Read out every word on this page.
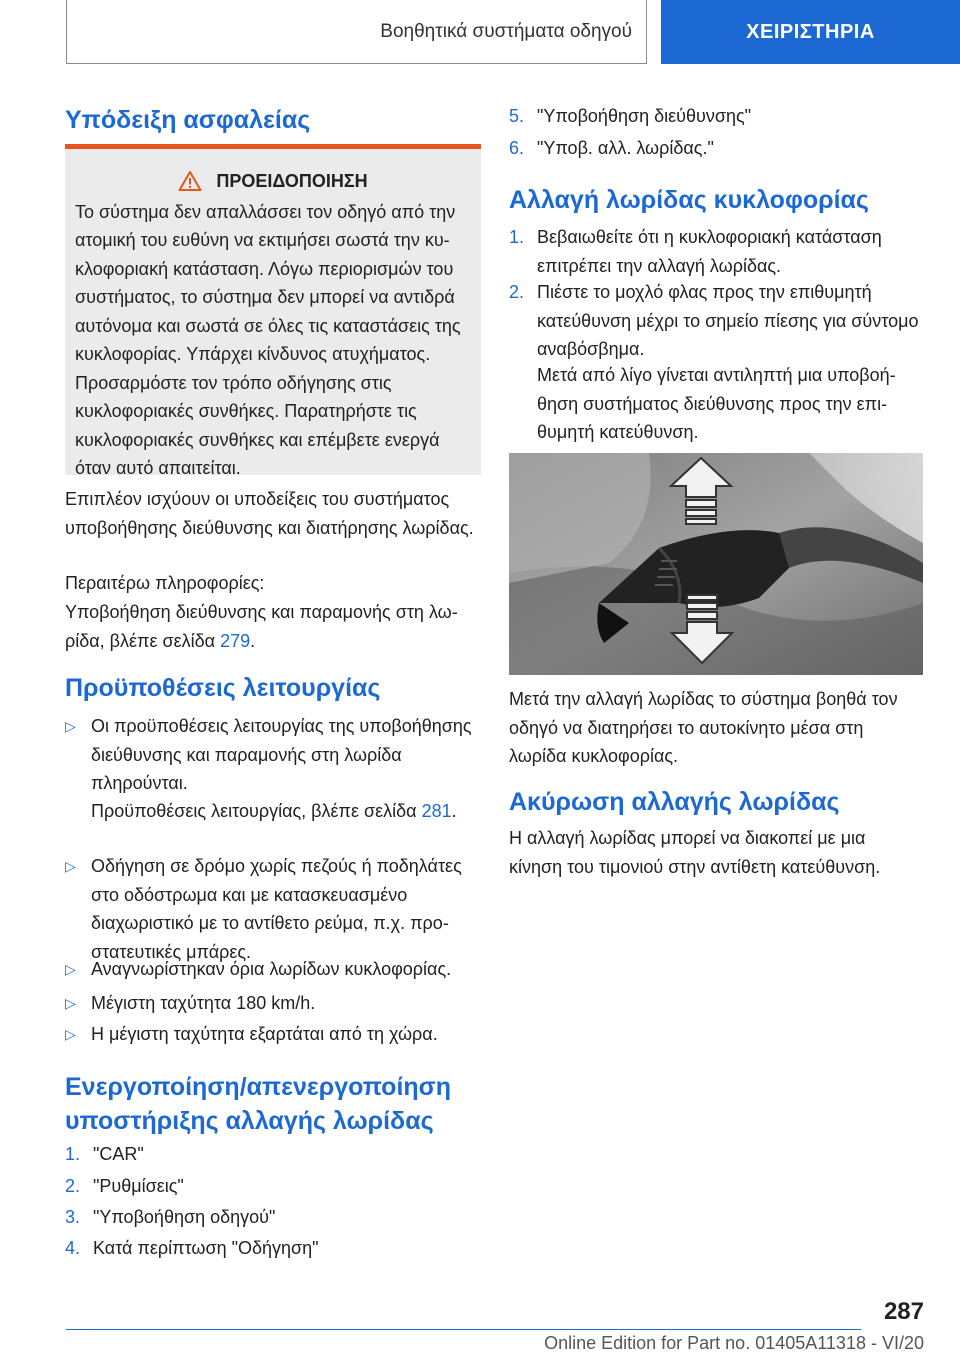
Βοηθητικά συστήματα οδηγού	ΧΕΙΡΙΣΤΗΡΙΑ
Υπόδειξη ασφαλείας
ΠΡΟΕΙΔΟΠΟΙΗΣΗ
Το σύστημα δεν απαλλάσσει τον οδηγό από την ατομική του ευθύνη να εκτιμήσει σωστά την κυκλοφοριακή κατάσταση. Λόγω περιορισμών του συστήματος, το σύστημα δεν μπορεί να αντιδρά αυτόνομα και σωστά σε όλες τις καταστάσεις της κυκλοφορίας. Υπάρχει κίνδυνος ατυχήματος. Προσαρμόστε τον τρόπο οδήγησης στις κυκλοφοριακές συνθήκες. Παρατηρήστε τις κυκλοφοριακές συνθήκες και επέμβετε ενεργά όταν αυτό απαιτείται.

Επιπλέον ισχύουν οι υποδείξεις του συστήματος υποβοήθησης διεύθυνσης και διατήρησης λωρίδας.

Περαιτέρω πληροφορίες:

Υποβοήθηση διεύθυνσης και παραμονής στη λωρίδα, βλέπε σελίδα 279.

Προϋποθέσεις λειτουργίας
▷ Οι προϋποθέσεις λειτουργίας της υποβοήθησης διεύθυνσης και παραμονής στη λωρίδα πληρούνται.
Προϋποθέσεις λειτουργίας, βλέπε σελίδα 281.
▷ Οδήγηση σε δρόμο χωρίς πεζούς ή ποδηλάτες στο οδόστρωμα και με κατασκευασμένο διαχωριστικό με το αντίθετο ρεύμα, π.χ. προστατευτικές μπάρες.
▷ Αναγνωρίστηκαν όρια λωρίδων κυκλοφορίας.
▷ Μέγιστη ταχύτητα 180 km/h.
▷ Η μέγιστη ταχύτητα εξαρτάται από τη χώρα.
Ενεργοποίηση/απενεργοποίηση υποστήριξης αλλαγής λωρίδας
1. "CAR"
2. "Ρυθμίσεις"
3. "Υποβοήθηση οδηγού"
4. Κατά περίπτωση "Οδήγηση"
5. "Υποβοήθηση διεύθυνσης"
6. "Υποβ. αλλ. λωρίδας."
Αλλαγή λωρίδας κυκλοφορίας
1. Βεβαιωθείτε ότι η κυκλοφοριακή κατάσταση επιτρέπει την αλλαγή λωρίδας.
2. Πιέστε το μοχλό φλας προς την επιθυμητή κατεύθυνση μέχρι το σημείο πίεσης για σύντομο αναβόσβημα.
Μετά από λίγο γίνεται αντιληπτή μια υποβοήθηση συστήματος διεύθυνσης προς την επιθυμητή κατεύθυνση.

Μετά την αλλαγή λωρίδας το σύστημα βοηθά τον οδηγό να διατηρήσει το αυτοκίνητο μέσα στη λωρίδα κυκλοφορίας.

Ακύρωση αλλαγής λωρίδας

Η αλλαγή λωρίδας μπορεί να διακοπεί με μια κίνηση του τιμονιού στην αντίθετη κατεύθυνση.

287
Online Edition for Part no. 01405A11318 - VI/20
